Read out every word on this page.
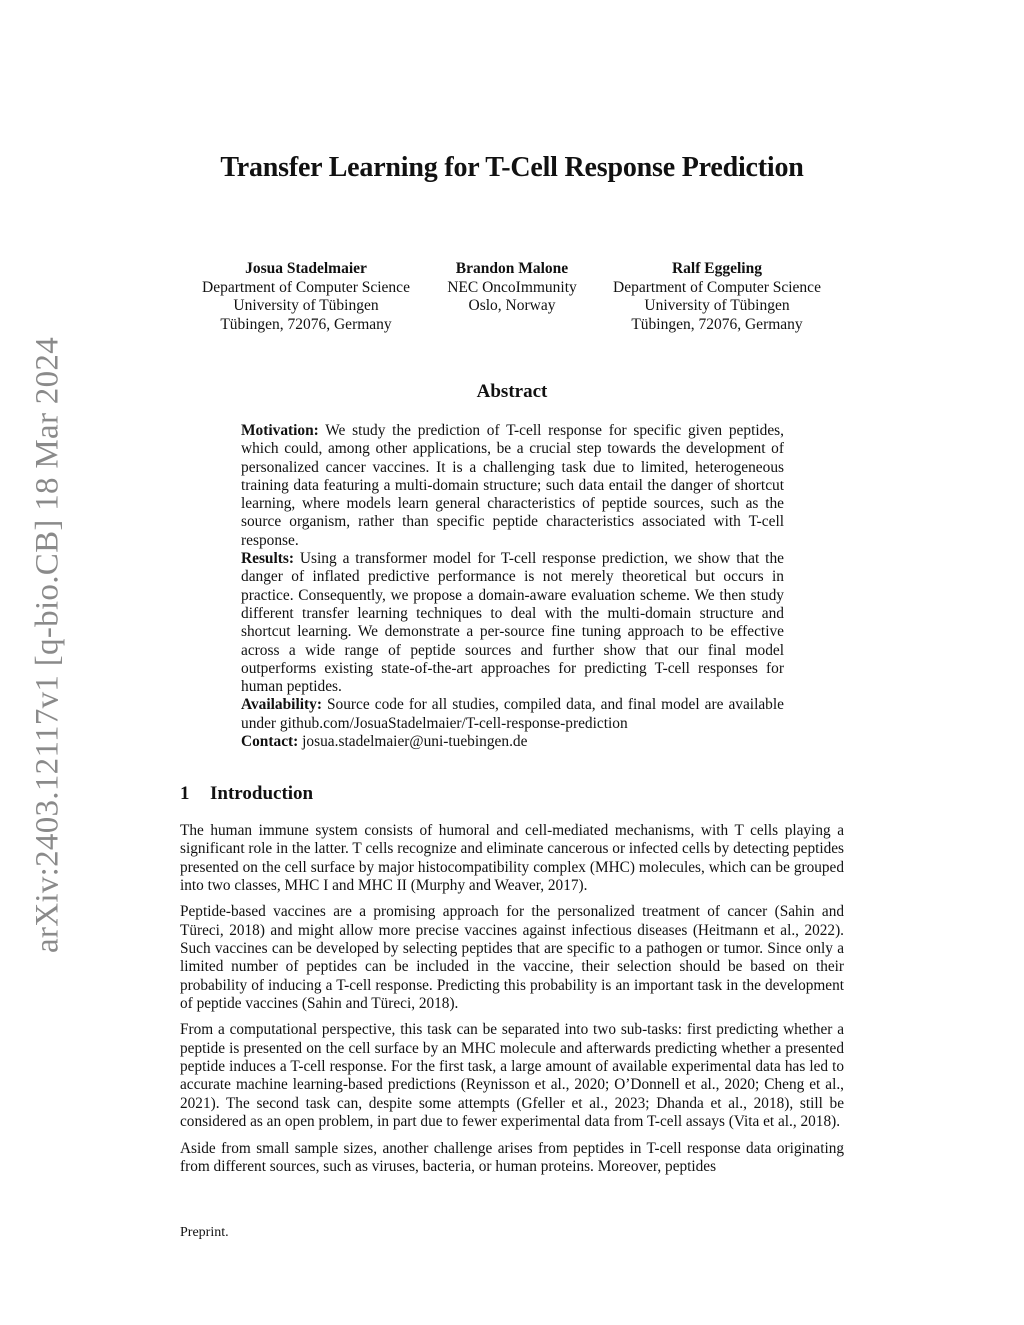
arXiv:2403.12117v1 [q-bio.CB] 18 Mar 2024
Transfer Learning for T-Cell Response Prediction
Josua Stadelmaier
Department of Computer Science
University of Tübingen
Tübingen, 72076, Germany
Brandon Malone
NEC OncoImmunity
Oslo, Norway
Ralf Eggeling
Department of Computer Science
University of Tübingen
Tübingen, 72076, Germany
Abstract

Motivation: We study the prediction of T-cell response for specific given peptides, which could, among other applications, be a crucial step towards the development of personalized cancer vaccines. It is a challenging task due to limited, heterogeneous training data featuring a multi-domain structure; such data entail the danger of shortcut learning, where models learn general characteristics of peptide sources, such as the source organism, rather than specific peptide characteristics associated with T-cell response.

Results: Using a transformer model for T-cell response prediction, we show that the danger of inflated predictive performance is not merely theoretical but occurs in practice. Consequently, we propose a domain-aware evaluation scheme. We then study different transfer learning techniques to deal with the multi-domain structure and shortcut learning. We demonstrate a per-source fine tuning approach to be effective across a wide range of peptide sources and further show that our final model outperforms existing state-of-the-art approaches for predicting T-cell responses for human peptides.

Availability: Source code for all studies, compiled data, and final model are available under github.com/JosuaStadelmaier/T-cell-response-prediction

Contact: josua.stadelmaier@uni-tuebingen.de

1 Introduction

The human immune system consists of humoral and cell-mediated mechanisms, with T cells playing a significant role in the latter. T cells recognize and eliminate cancerous or infected cells by detecting peptides presented on the cell surface by major histocompatibility complex (MHC) molecules, which can be grouped into two classes, MHC I and MHC II (Murphy and Weaver, 2017).

Peptide-based vaccines are a promising approach for the personalized treatment of cancer (Sahin and Türeci, 2018) and might allow more precise vaccines against infectious diseases (Heitmann et al., 2022). Such vaccines can be developed by selecting peptides that are specific to a pathogen or tumor. Since only a limited number of peptides can be included in the vaccine, their selection should be based on their probability of inducing a T-cell response. Predicting this probability is an important task in the development of peptide vaccines (Sahin and Türeci, 2018).

From a computational perspective, this task can be separated into two sub-tasks: first predicting whether a peptide is presented on the cell surface by an MHC molecule and afterwards predicting whether a presented peptide induces a T-cell response. For the first task, a large amount of available experimental data has led to accurate machine learning-based predictions (Reynisson et al., 2020; O’Donnell et al., 2020; Cheng et al., 2021). The second task can, despite some attempts (Gfeller et al., 2023; Dhanda et al., 2018), still be considered as an open problem, in part due to fewer experimental data from T-cell assays (Vita et al., 2018).

Aside from small sample sizes, another challenge arises from peptides in T-cell response data originating from different sources, such as viruses, bacteria, or human proteins. Moreover, peptides

Preprint.
